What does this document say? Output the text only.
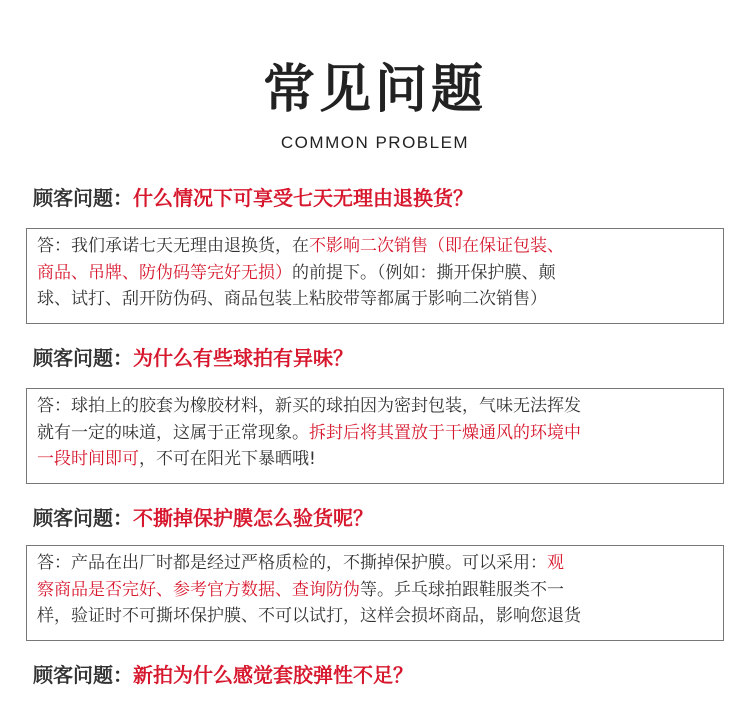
常见问题
COMMON PROBLEM
顾客问题：什么情况下可享受七天无理由退换货？

答：我们承诺七天无理由退换货，在不影响二次销售（即在保证包装、

商品、吊牌、防伪码等完好无损）的前提下。（例如：撕开保护膜、颠

球、试打、刮开防伪码、商品包装上粘胶带等都属于影响二次销售）

顾客问题：为什么有些球拍有异味？

答：球拍上的胶套为橡胶材料，新买的球拍因为密封包装，气味无法挥发

就有一定的味道，这属于正常现象。拆封后将其置放于干燥通风的环境中

一段时间即可，不可在阳光下暴晒哦!

顾客问题：不撕掉保护膜怎么验货呢？

答：产品在出厂时都是经过严格质检的，不撕掉保护膜。可以采用：观

察商品是否完好、参考官方数据、查询防伪等。乒乓球拍跟鞋服类不一

样，验证时不可撕坏保护膜、不可以试打，这样会损坏商品，影响您退货

顾客问题：新拍为什么感觉套胶弹性不足？
